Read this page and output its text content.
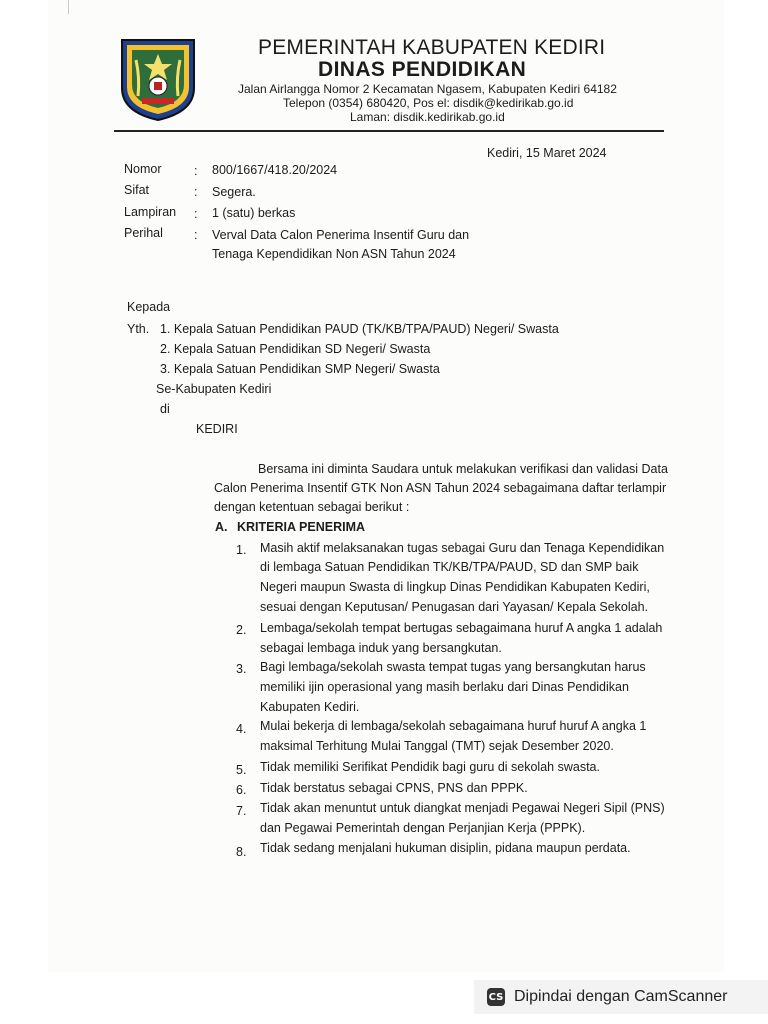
PEMERINTAH KABUPATEN KEDIRI
DINAS PENDIDIKAN
Jalan Airlangga Nomor 2 Kecamatan Ngasem, Kabupaten Kediri 64182
Telepon (0354) 680420, Pos el: disdik@kedirikab.go.id
Laman: disdik.kedirikab.go.id
Kediri, 15 Maret 2024
Nomor	: 800/1667/418.20/2024
Sifat	: Segera.
Lampiran : 1 (satu) berkas
Perihal : Verval Data Calon Penerima Insentif Guru dan
Tenaga Kependidikan Non ASN Tahun 2024
Kepada
Yth. 1. Kepala Satuan Pendidikan PAUD (TK/KB/TPA/PAUD) Negeri/ Swasta
2. Kepala Satuan Pendidikan SD Negeri/ Swasta
3. Kepala Satuan Pendidikan SMP Negeri/ Swasta
Se-Kabupaten Kediri
di
KEDIRI
Bersama ini diminta Saudara untuk melakukan verifikasi dan validasi Data
Calon Penerima Insentif GTK Non ASN Tahun 2024 sebagaimana daftar terlampir
dengan ketentuan sebagai berikut :
A. KRITERIA PENERIMA
1. Masih aktif melaksanakan tugas sebagai Guru dan Tenaga Kependidikan
di lembaga Satuan Pendidikan TK/KB/TPA/PAUD, SD dan SMP baik
Negeri maupun Swasta di lingkup Dinas Pendidikan Kabupaten Kediri,
sesuai dengan Keputusan/ Penugasan dari Yayasan/ Kepala Sekolah.
2. Lembaga/sekolah tempat bertugas sebagaimana huruf A angka 1 adalah
sebagai lembaga induk yang bersangkutan.
3. Bagi lembaga/sekolah swasta tempat tugas yang bersangkutan harus
memiliki ijin operasional yang masih berlaku dari Dinas Pendidikan
Kabupaten Kediri.
4. Mulai bekerja di lembaga/sekolah sebagaimana huruf huruf A angka 1
maksimal Terhitung Mulai Tanggal (TMT) sejak Desember 2020.
5. Tidak memiliki Serifikat Pendidik bagi guru di sekolah swasta.
6. Tidak berstatus sebagai CPNS, PNS dan PPPK.
7. Tidak akan menuntut untuk diangkat menjadi Pegawai Negeri Sipil (PNS)
dan Pegawai Pemerintah dengan Perjanjian Kerja (PPPK).
8. Tidak sedang menjalani hukuman disiplin, pidana maupun perdata.
CS Dipindai dengan CamScanner
